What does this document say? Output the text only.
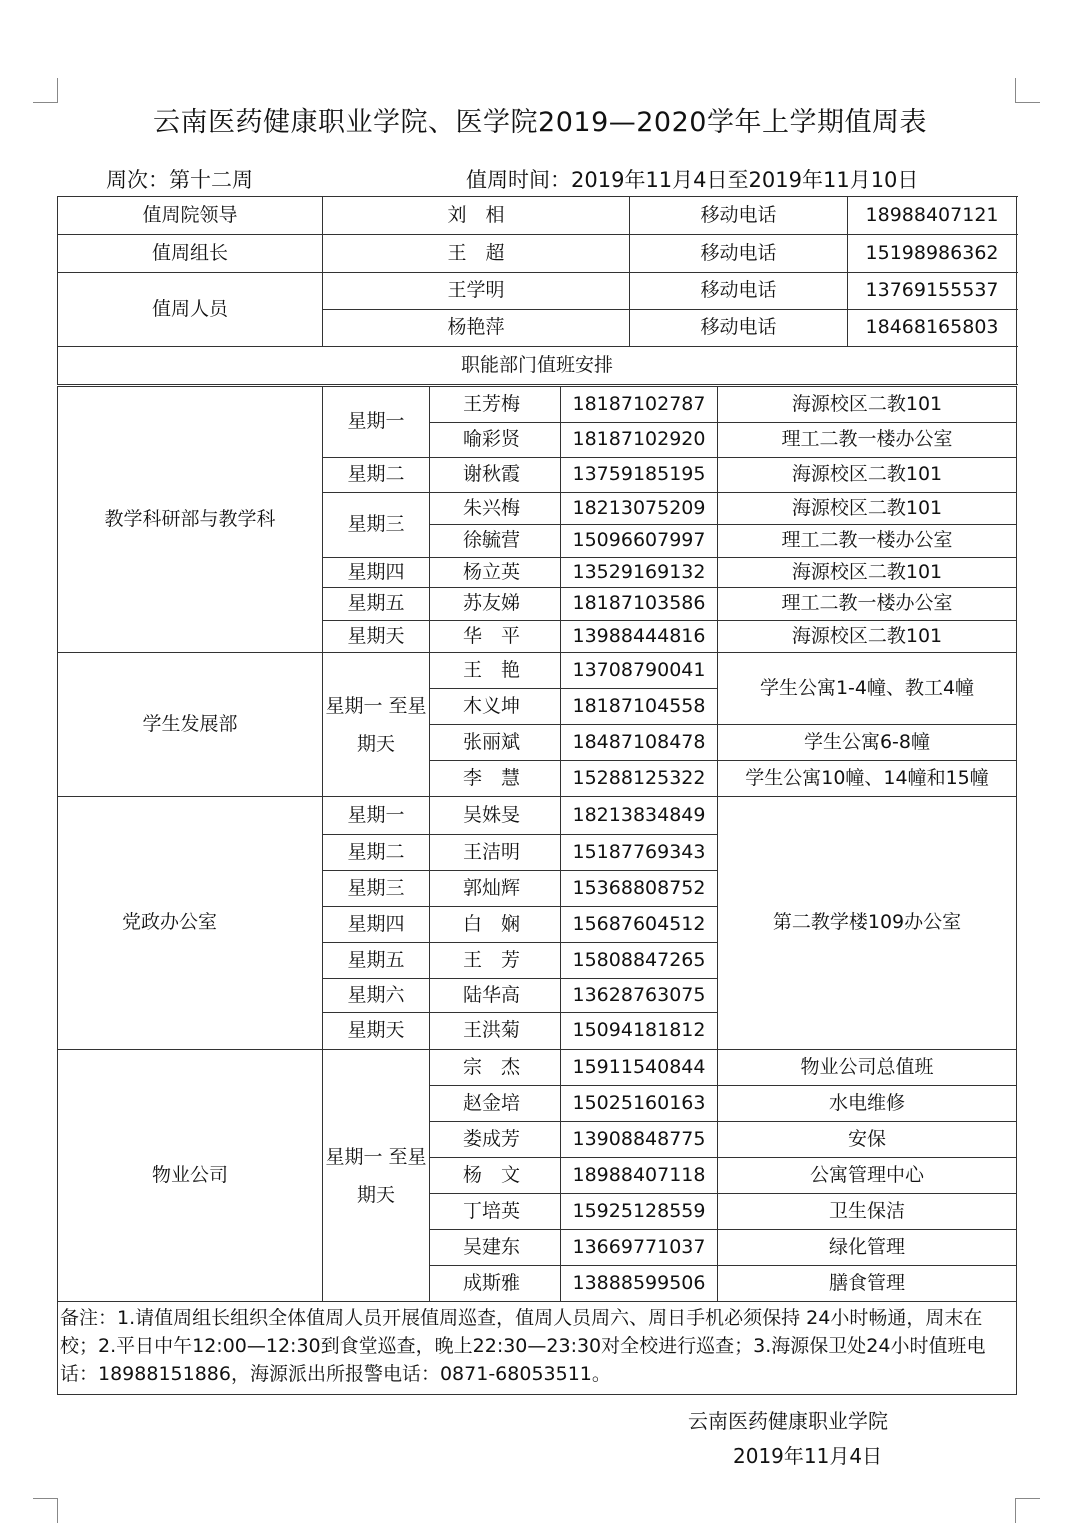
云南医药健康职业学院、医学院2019—2020学年上学期值周表
周次：第十二周	值周时间：2019年11月4日至2019年11月10日
值周院领导	刘　相	移动电话	18988407121
值周组长	王　超	移动电话	15198986362
值周人员	王学明	移动电话	13769155537
	杨艳萍	移动电话	18468165803
职能部门值班安排			
教学科研部与教学科	星期一	王芳梅	18187102787	海源校区二教101
		喻彩贤	18187102920	理工二教一楼办公室
	星期二	谢秋霞	13759185195	海源校区二教101
	星期三	朱兴梅	18213075209	海源校区二教101
		徐毓营	15096607997	理工二教一楼办公室
	星期四	杨立英	13529169132	海源校区二教101
	星期五	苏友娣	18187103586	理工二教一楼办公室
	星期天	华　平	13988444816	海源校区二教101
学生发展部	星期一 至星期天	王　艳	13708790041	学生公寓1-4幢、教工4幢
		木义坤	18187104558	
		张丽斌	18487108478	学生公寓6-8幢
		李　慧	15288125322	学生公寓10幢、14幢和15幢
党政办公室	星期一	吴姝旻	18213834849	第二教学楼109办公室
	星期二	王洁明	15187769343	
	星期三	郭灿辉	15368808752	
	星期四	白　娴	15687604512	
	星期五	王　芳	15808847265	
	星期六	陆华高	13628763075	
	星期天	王洪菊	15094181812	
物业公司	星期一 至星期天	宗　杰	15911540844	物业公司总值班
		赵金培	15025160163	水电维修
		娄成芳	13908848775	安保
		杨　文	18988407118	公寓管理中心
		丁培英	15925128559	卫生保洁
		吴建东	13669771037	绿化管理
		成斯雅	13888599506	膳食管理
备注：1.请值周组长组织全体值周人员开展值周巡查，值周人员周六、周日手机必须保持 24小时畅通，周末在校；2.平日中午12:00—12:30到食堂巡查，晚上22:30—23:30对全校进行巡查；3.海源保卫处24小时值班电话：18988151886，海源派出所报警电话：0871-68053511。				
云南医药健康职业学院
2019年11月4日
